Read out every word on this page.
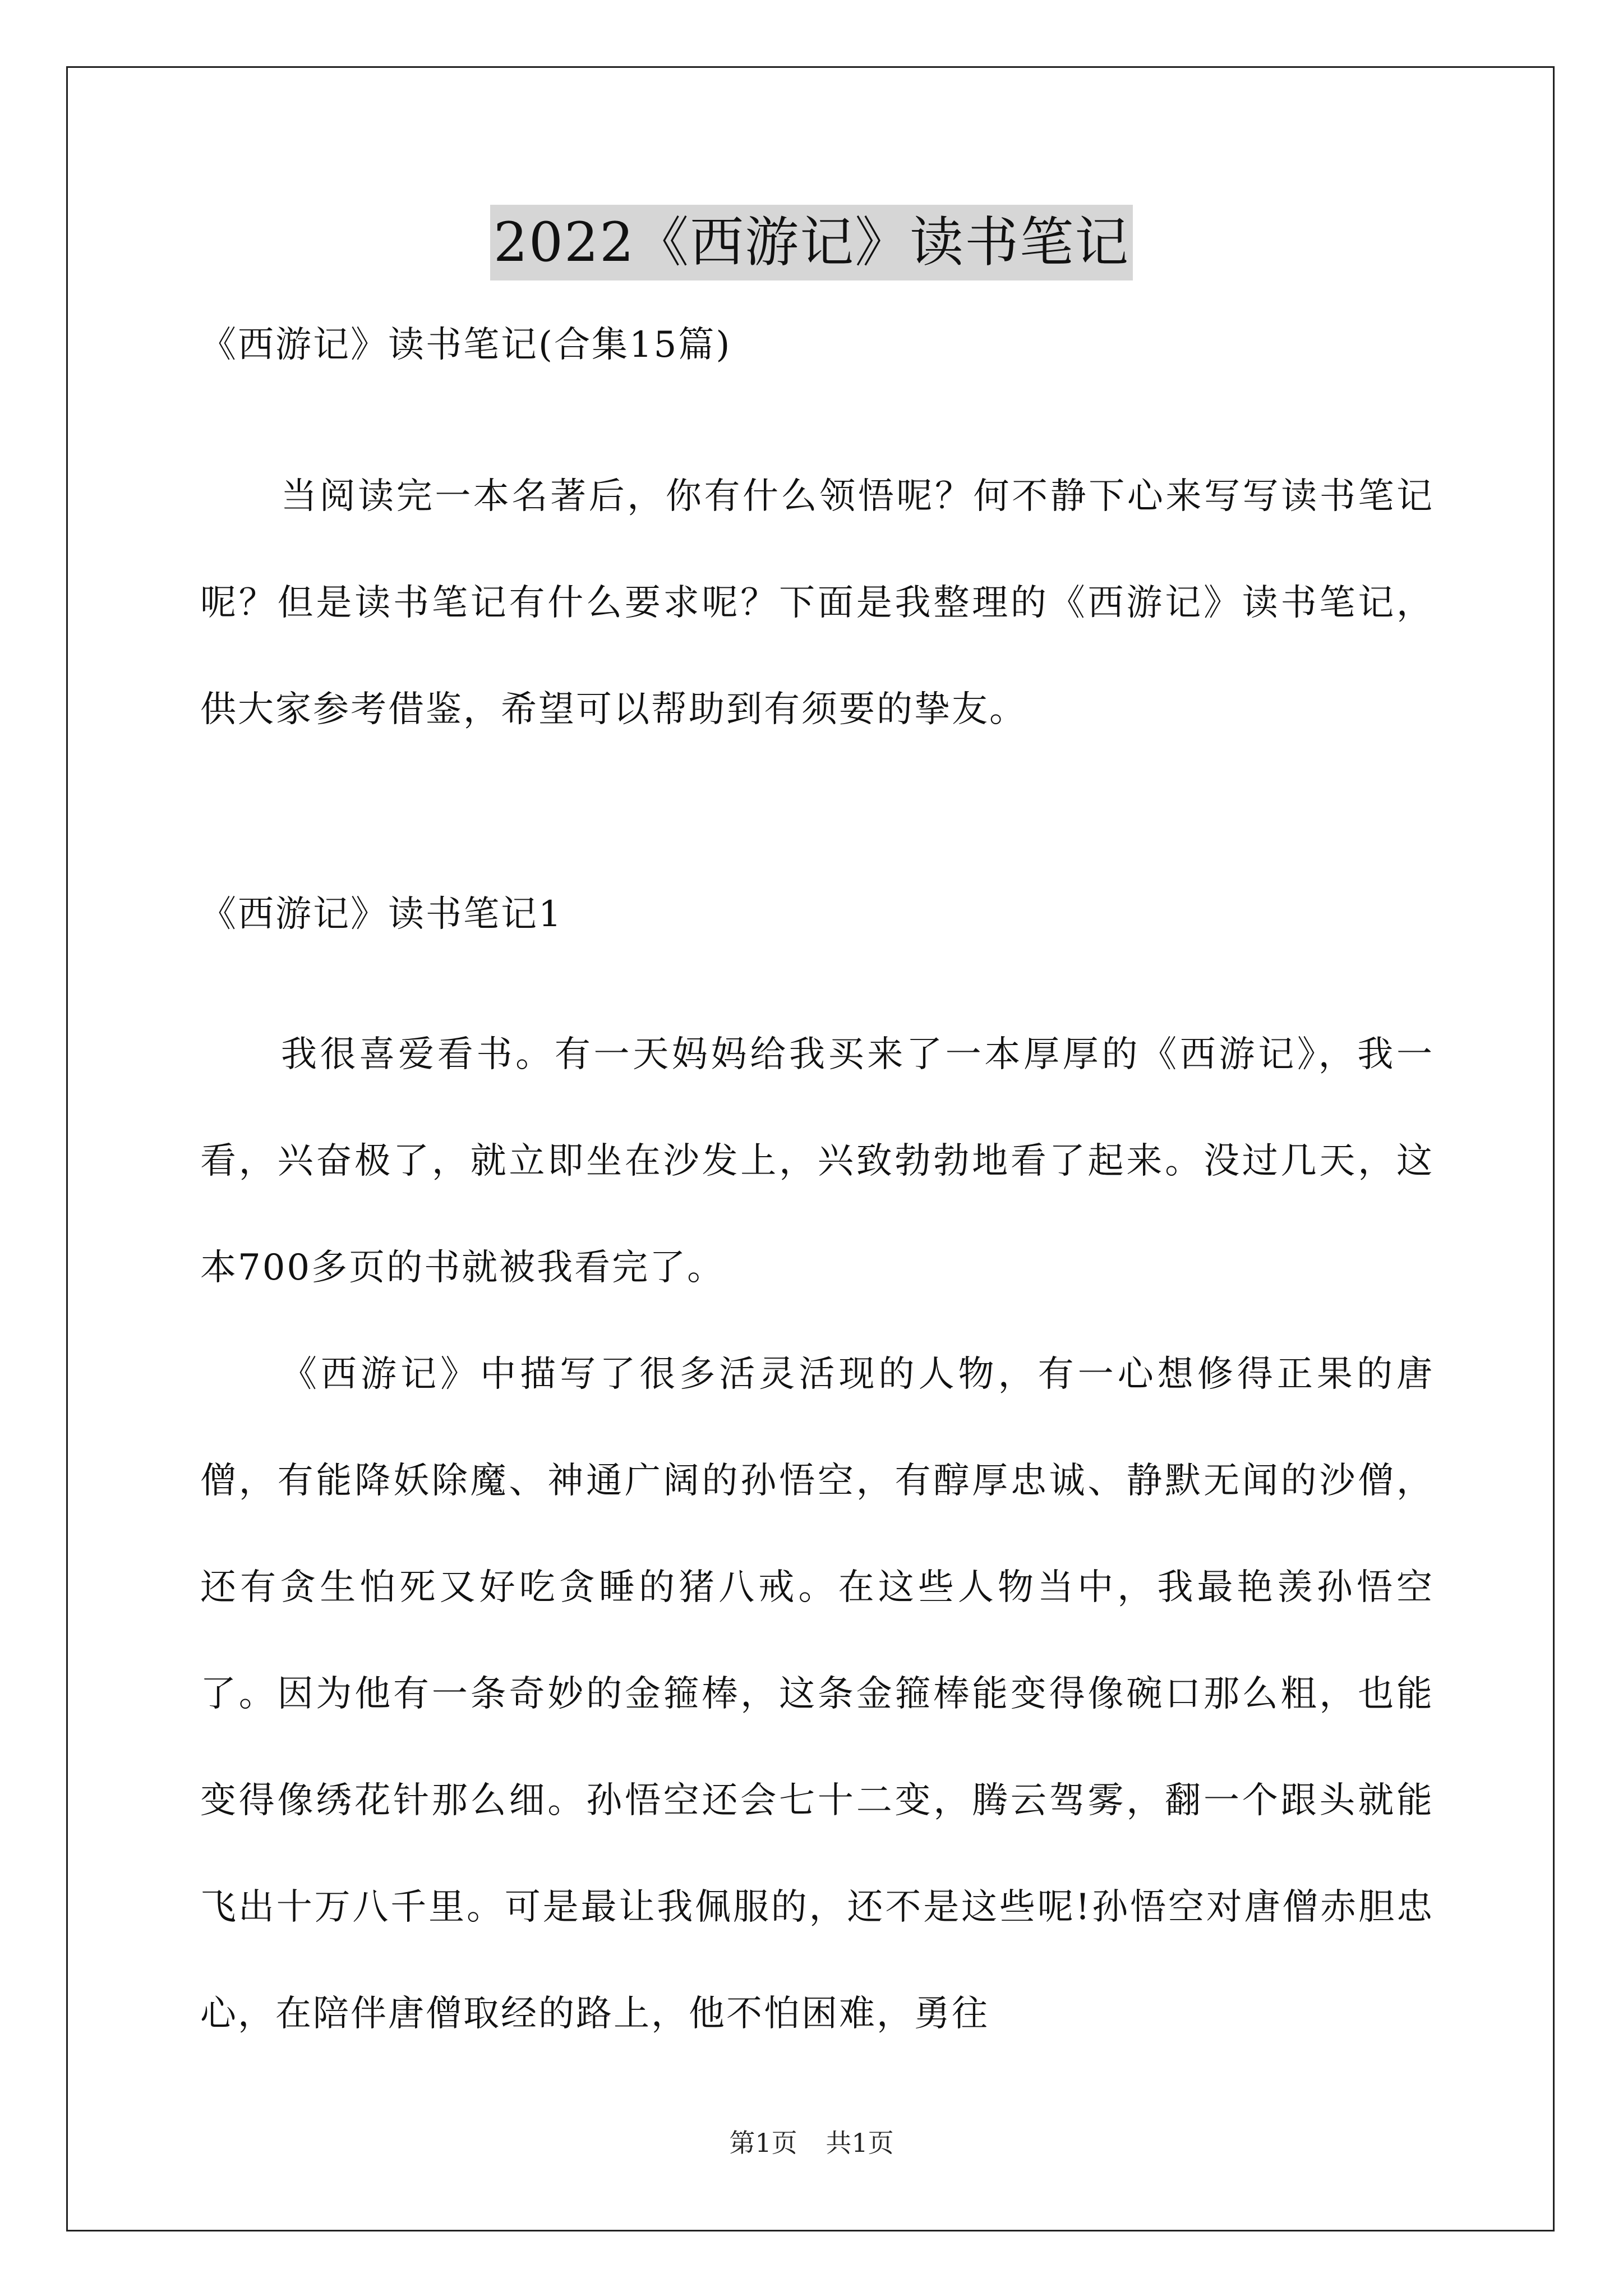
2022《西游记》读书笔记
《西游记》读书笔记(合集15篇)

当阅读完一本名著后，你有什么领悟呢？何不静下心来写写读书笔记呢？但是读书笔记有什么要求呢？下面是我整理的《西游记》读书笔记，供大家参考借鉴，希望可以帮助到有须要的挚友。

《西游记》读书笔记1

我很喜爱看书。有一天妈妈给我买来了一本厚厚的《西游记》，我一看，兴奋极了，就立即坐在沙发上，兴致勃勃地看了起来。没过几天，这本700多页的书就被我看完了。

《西游记》中描写了很多活灵活现的人物，有一心想修得正果的唐僧，有能降妖除魔、神通广阔的孙悟空，有醇厚忠诚、静默无闻的沙僧，还有贪生怕死又好吃贪睡的猪八戒。在这些人物当中，我最艳羡孙悟空了。因为他有一条奇妙的金箍棒，这条金箍棒能变得像碗口那么粗，也能变得像绣花针那么细。孙悟空还会七十二变，腾云驾雾，翻一个跟头就能飞出十万八千里。可是最让我佩服的，还不是这些呢!孙悟空对唐僧赤胆忠心，在陪伴唐僧取经的路上，他不怕困难，勇往

第1页 共1页
